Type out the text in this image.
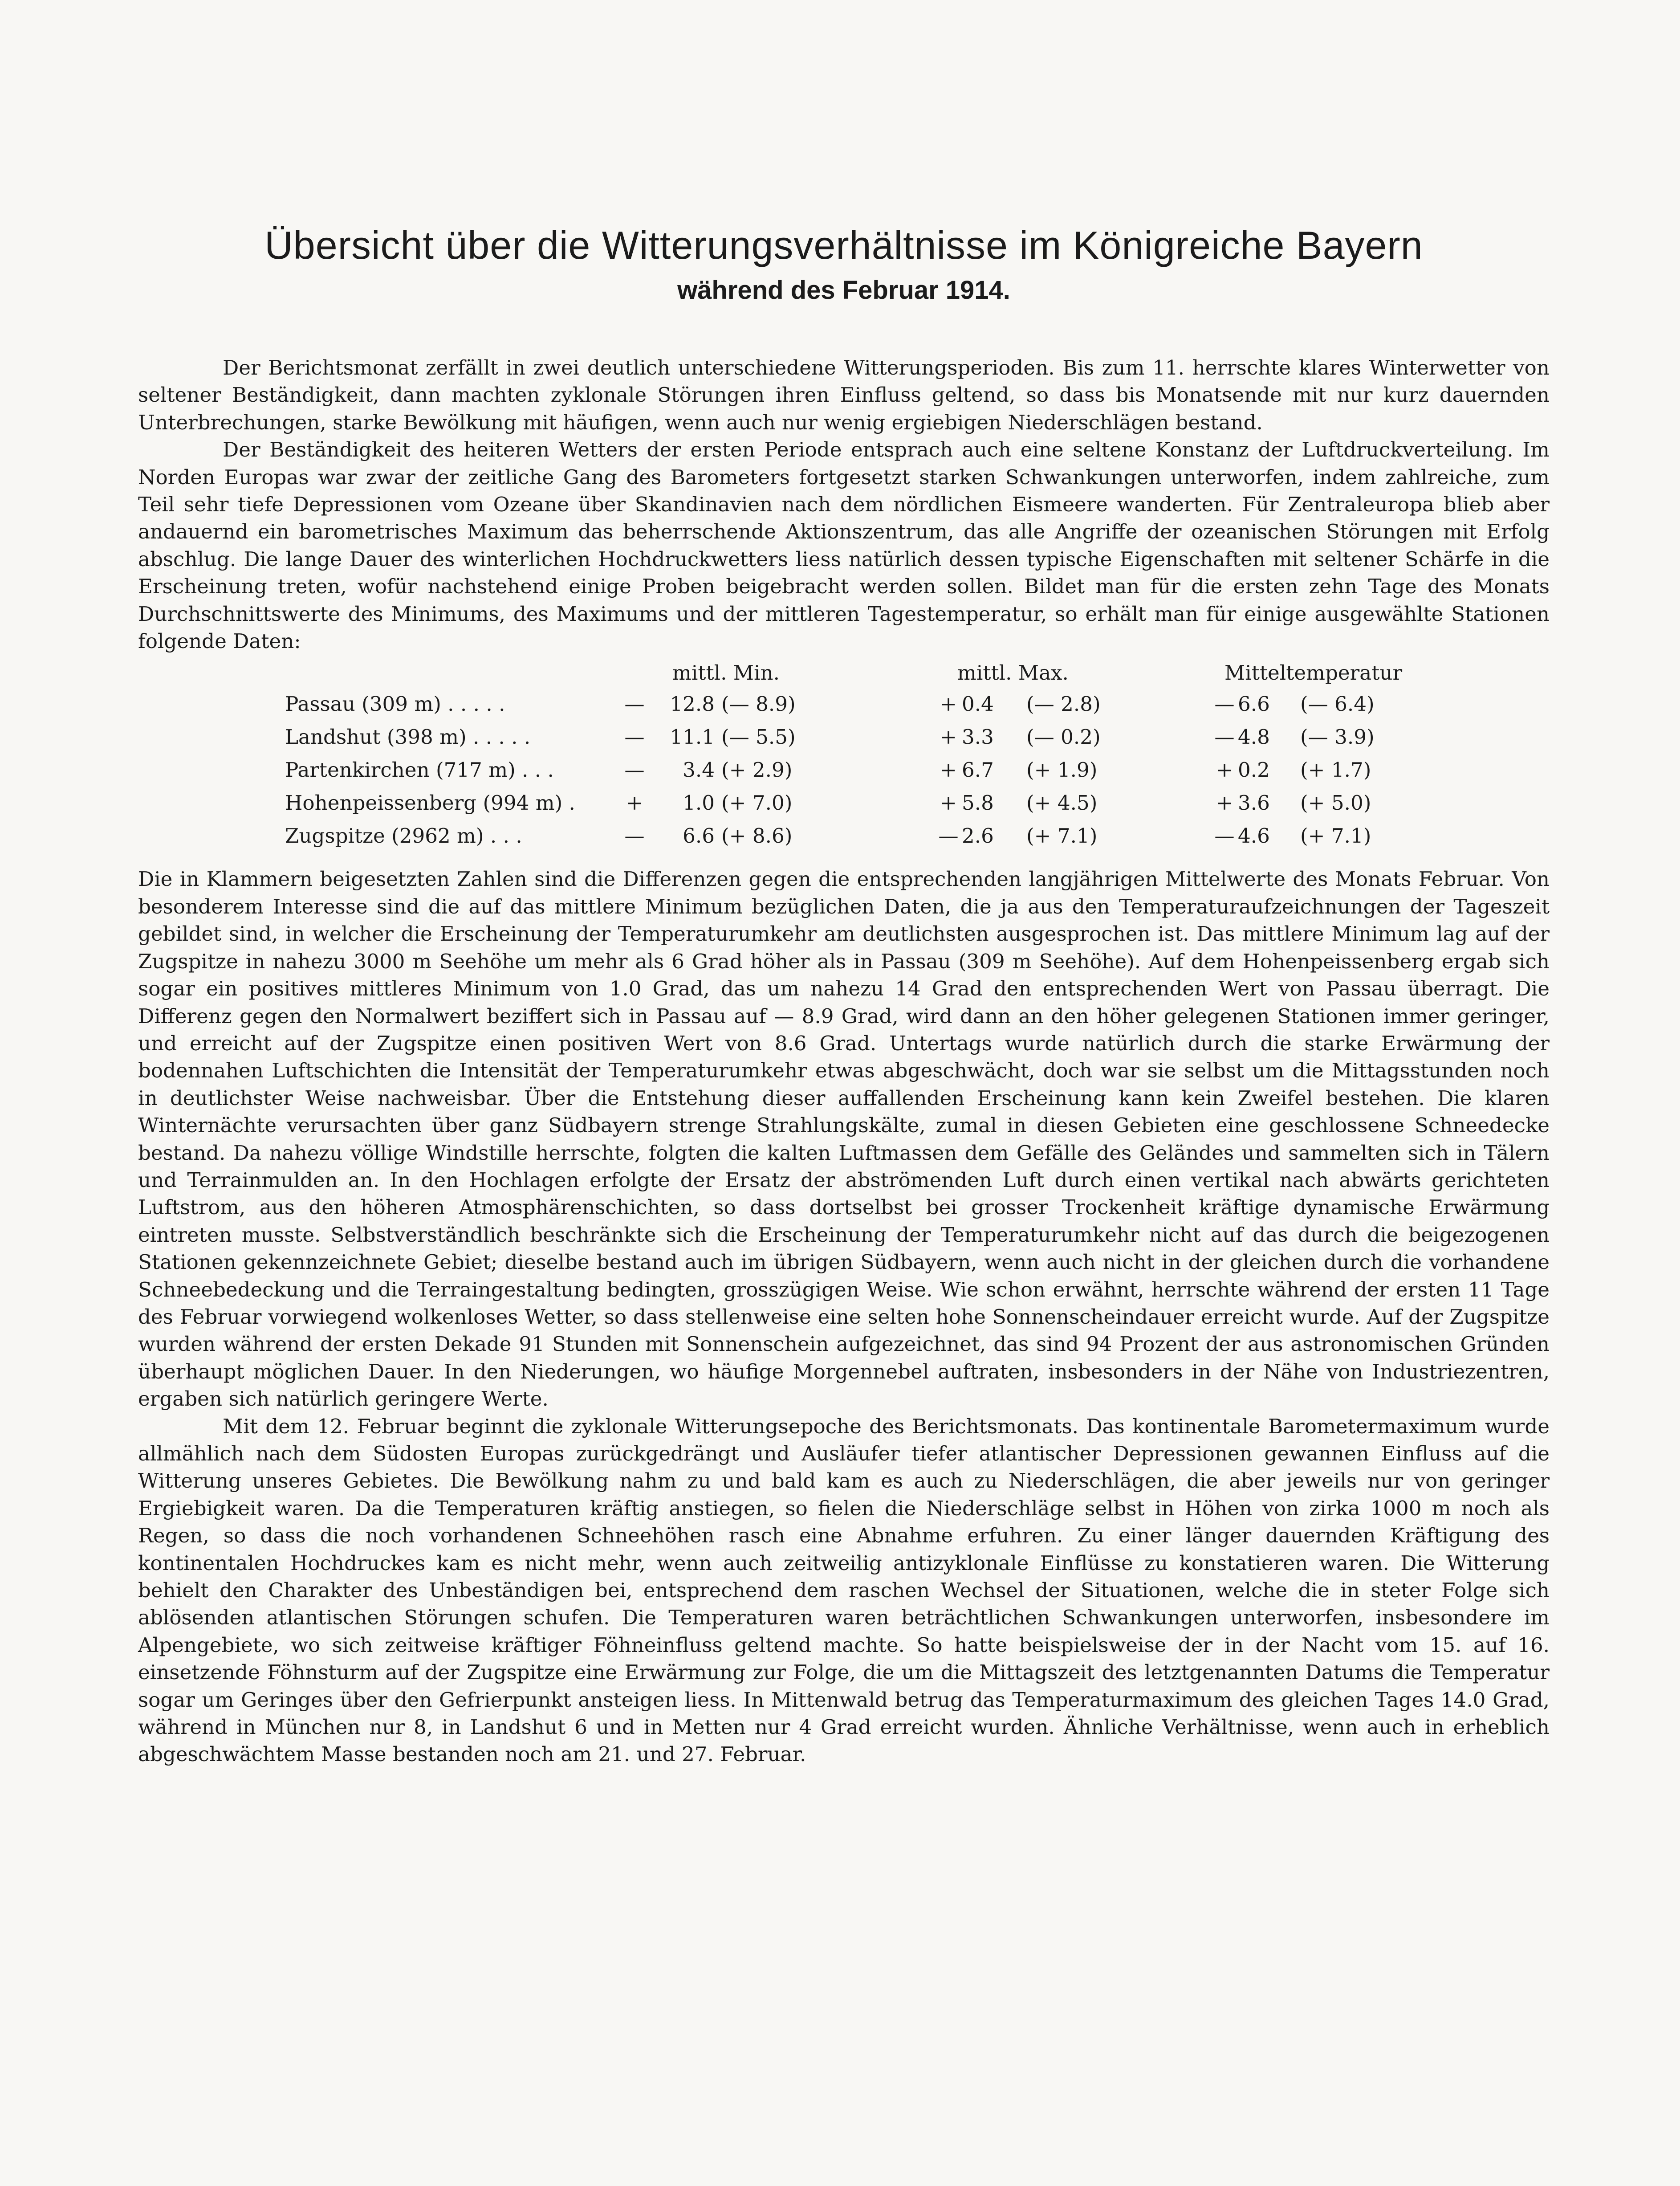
Übersicht über die Witterungsverhältnisse im Königreiche Bayern
während des Februar 1914.

Der Berichtsmonat zerfällt in zwei deutlich unterschiedene Witterungsperioden. Bis zum 11. herrschte klares Winterwetter von seltener Beständigkeit, dann machten zyklonale Störungen ihren Einfluss geltend, so dass bis Monatsende mit nur kurz dauernden Unterbrechungen, starke Bewölkung mit häufigen, wenn auch nur wenig ergiebigen Niederschlägen bestand.

Der Beständigkeit des heiteren Wetters der ersten Periode entsprach auch eine seltene Konstanz der Luftdruckverteilung. Im Norden Europas war zwar der zeitliche Gang des Barometers fortgesetzt starken Schwankungen unterworfen, indem zahlreiche, zum Teil sehr tiefe Depressionen vom Ozeane über Skandinavien nach dem nördlichen Eismeere wanderten. Für Zentraleuropa blieb aber andauernd ein barometrisches Maximum das beherrschende Aktionszentrum, das alle Angriffe der ozeanischen Störungen mit Erfolg abschlug. Die lange Dauer des winterlichen Hochdruckwetters liess natürlich dessen typische Eigenschaften mit seltener Schärfe in die Erscheinung treten, wofür nachstehend einige Proben beigebracht werden sollen. Bildet man für die ersten zehn Tage des Monats Durchschnittswerte des Minimums, des Maximums und der mittleren Tagestemperatur, so erhält man für einige ausgewählte Stationen folgende Daten:

mittl. Min.	mittl. Max.	Mitteltemperatur
Passau (309 m) . . . . .	—	12.8 (— 8.9)	+ 0.4	(— 2.8)	— 6.6	(— 6.4)
Landshut (398 m) . . . . .	—	11.1 (— 5.5)	+ 3.3	(— 0.2)	— 4.8	(— 3.9)
Partenkirchen (717 m) . . .	—	3.4 (+ 2.9)	+ 6.7	(+ 1.9)	+ 0.2	(+ 1.7)
Hohenpeissenberg (994 m) .	+	1.0 (+ 7.0)	+ 5.8	(+ 4.5)	+ 3.6	(+ 5.0)
Zugspitze (2962 m) . . .	—	6.6 (+ 8.6)	— 2.6	(+ 7.1)	— 4.6	(+ 7.1)

Die in Klammern beigesetzten Zahlen sind die Differenzen gegen die entsprechenden langjährigen Mittelwerte des Monats Februar. Von besonderem Interesse sind die auf das mittlere Minimum bezüglichen Daten, die ja aus den Temperaturaufzeichnungen der Tageszeit gebildet sind, in welcher die Erscheinung der Temperaturumkehr am deutlichsten ausgesprochen ist. Das mittlere Minimum lag auf der Zugspitze in nahezu 3000 m Seehöhe um mehr als 6 Grad höher als in Passau (309 m Seehöhe). Auf dem Hohenpeissenberg ergab sich sogar ein positives mittleres Minimum von 1.0 Grad, das um nahezu 14 Grad den entsprechenden Wert von Passau überragt. Die Differenz gegen den Normalwert beziffert sich in Passau auf — 8.9 Grad, wird dann an den höher gelegenen Stationen immer geringer, und erreicht auf der Zugspitze einen positiven Wert von 8.6 Grad. Untertags wurde natürlich durch die starke Erwärmung der bodennahen Luftschichten die Intensität der Temperaturumkehr etwas abgeschwächt, doch war sie selbst um die Mittagsstunden noch in deutlichster Weise nachweisbar. Über die Entstehung dieser auffallenden Erscheinung kann kein Zweifel bestehen. Die klaren Winternächte verursachten über ganz Südbayern strenge Strahlungskälte, zumal in diesen Gebieten eine geschlossene Schneedecke bestand. Da nahezu völlige Windstille herrschte, folgten die kalten Luftmassen dem Gefälle des Geländes und sammelten sich in Tälern und Terrainmulden an. In den Hochlagen erfolgte der Ersatz der abströmenden Luft durch einen vertikal nach abwärts gerichteten Luftstrom, aus den höheren Atmosphärenschichten, so dass dortselbst bei grosser Trockenheit kräftige dynamische Erwärmung eintreten musste. Selbstverständlich beschränkte sich die Erscheinung der Temperaturumkehr nicht auf das durch die beigezogenen Stationen gekennzeichnete Gebiet; dieselbe bestand auch im übrigen Südbayern, wenn auch nicht in der gleichen durch die vorhandene Schneebedeckung und die Terraingestaltung bedingten, grosszügigen Weise. Wie schon erwähnt, herrschte während der ersten 11 Tage des Februar vorwiegend wolkenloses Wetter, so dass stellenweise eine selten hohe Sonnenscheindauer erreicht wurde. Auf der Zugspitze wurden während der ersten Dekade 91 Stunden mit Sonnenschein aufgezeichnet, das sind 94 Prozent der aus astronomischen Gründen überhaupt möglichen Dauer. In den Niederungen, wo häufige Morgennebel auftraten, insbesonders in der Nähe von Industriezentren, ergaben sich natürlich geringere Werte.

Mit dem 12. Februar beginnt die zyklonale Witterungsepoche des Berichtsmonats. Das kontinentale Barometermaximum wurde allmählich nach dem Südosten Europas zurückgedrängt und Ausläufer tiefer atlantischer Depressionen gewannen Einfluss auf die Witterung unseres Gebietes. Die Bewölkung nahm zu und bald kam es auch zu Niederschlägen, die aber jeweils nur von geringer Ergiebigkeit waren. Da die Temperaturen kräftig anstiegen, so fielen die Niederschläge selbst in Höhen von zirka 1000 m noch als Regen, so dass die noch vorhandenen Schneehöhen rasch eine Abnahme erfuhren. Zu einer länger dauernden Kräftigung des kontinentalen Hochdruckes kam es nicht mehr, wenn auch zeitweilig antizyklonale Einflüsse zu konstatieren waren. Die Witterung behielt den Charakter des Unbeständigen bei, entsprechend dem raschen Wechsel der Situationen, welche die in steter Folge sich ablösenden atlantischen Störungen schufen. Die Temperaturen waren beträchtlichen Schwankungen unterworfen, insbesondere im Alpengebiete, wo sich zeitweise kräftiger Föhneinfluss geltend machte. So hatte beispielsweise der in der Nacht vom 15. auf 16. einsetzende Föhnsturm auf der Zugspitze eine Erwärmung zur Folge, die um die Mittagszeit des letztgenannten Datums die Temperatur sogar um Geringes über den Gefrierpunkt ansteigen liess. In Mittenwald betrug das Temperaturmaximum des gleichen Tages 14.0 Grad, während in München nur 8, in Landshut 6 und in Metten nur 4 Grad erreicht wurden. Ähnliche Verhältnisse, wenn auch in erheblich abgeschwächtem Masse bestanden noch am 21. und 27. Februar.
